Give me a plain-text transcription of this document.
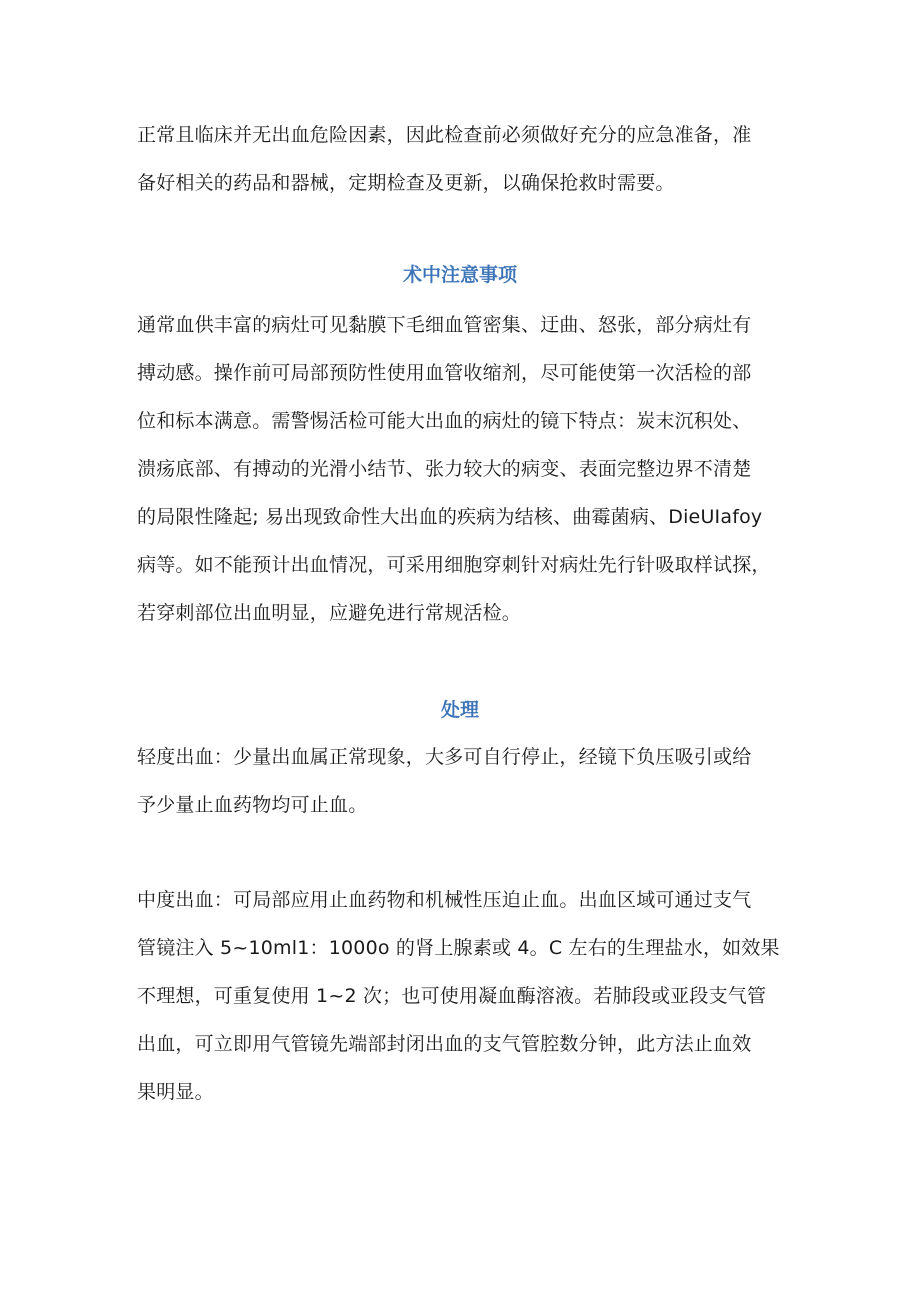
正常且临床并无出血危险因素，因此检查前必须做好充分的应急准备，准
备好相关的药品和器械，定期检查及更新，以确保抢救时需要。
术中注意事项
通常血供丰富的病灶可见黏膜下毛细血管密集、迂曲、怒张，部分病灶有
搏动感。操作前可局部预防性使用血管收缩剂，尽可能使第一次活检的部
位和标本满意。需警惕活检可能大出血的病灶的镜下特点：炭末沉积处、
溃疡底部、有搏动的光滑小结节、张力较大的病变、表面完整边界不清楚
的局限性隆起; 易出现致命性大出血的疾病为结核、曲霉菌病、DieUIafoy
病等。如不能预计出血情况，可采用细胞穿刺针对病灶先行针吸取样试探，
若穿刺部位出血明显，应避免进行常规活检。
处理
轻度出血：少量出血属正常现象，大多可自行停止，经镜下负压吸引或给
予少量止血药物均可止血。
中度出血：可局部应用止血药物和机械性压迫止血。出血区域可通过支气
管镜注入 5~10ml1：1000o 的肾上腺素或 4。C 左右的生理盐水，如效果
不理想，可重复使用 1~2 次；也可使用凝血酶溶液。若肺段或亚段支气管
出血，可立即用气管镜先端部封闭出血的支气管腔数分钟，此方法止血效
果明显。
